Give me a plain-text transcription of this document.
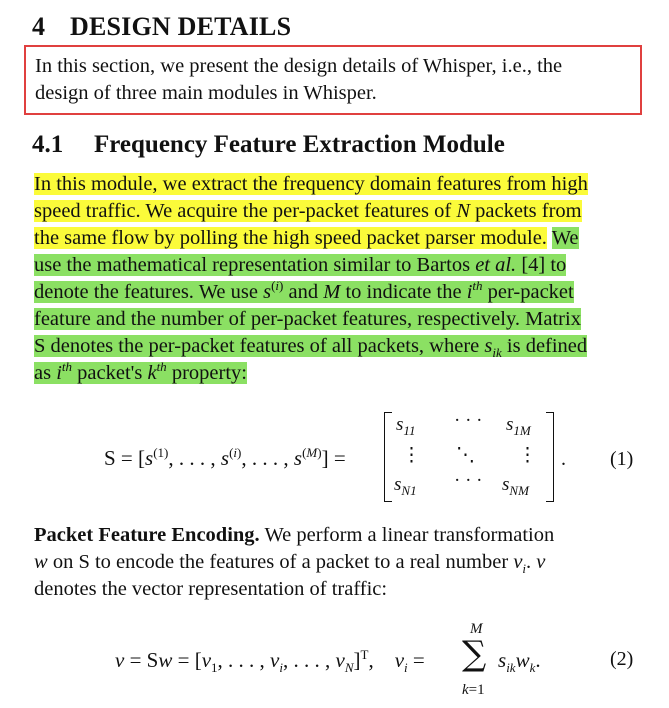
4 DESIGN DETAILS
In this section, we present the design details of Whisper, i.e., the
design of three main modules in Whisper.
4.1 Frequency Feature Extraction Module
In this module, we extract the frequency domain features from high
speed traffic. We acquire the per-packet features of N packets from
the same flow by polling the high speed packet parser module. We
use the mathematical representation similar to Bartos et al. [4] to
denote the features. We use $s^{(i)}$ and M to indicate the $i^{th}$ per-packet
feature and the number of per-packet features, respectively. Matrix
S denotes the per-packet features of all packets, where $s_{ik}$ is defined
as $i^{th}$ packet's $k^{th}$ property:
$S = [s^{(1)}$, . . . , $s^{(i)}$, . . . , $s^{(M)}$] =
$s_{11}$ · · · $s_{1M}$
⋮ ⋱ ⋮
$s_{N1}$ · · · $s_{NM}$
. (1)
Packet Feature Encoding. We perform a linear transformation
w on S to encode the features of a packet to a real number $v_i$. v
denotes the vector representation of traffic:
$v = Sw = [v_1$, . . . , $v_i$, . . . , $v_N]^T$,    $v_i$ =
M
∑
k=1
$s_{ik}w_k$.	(2)
